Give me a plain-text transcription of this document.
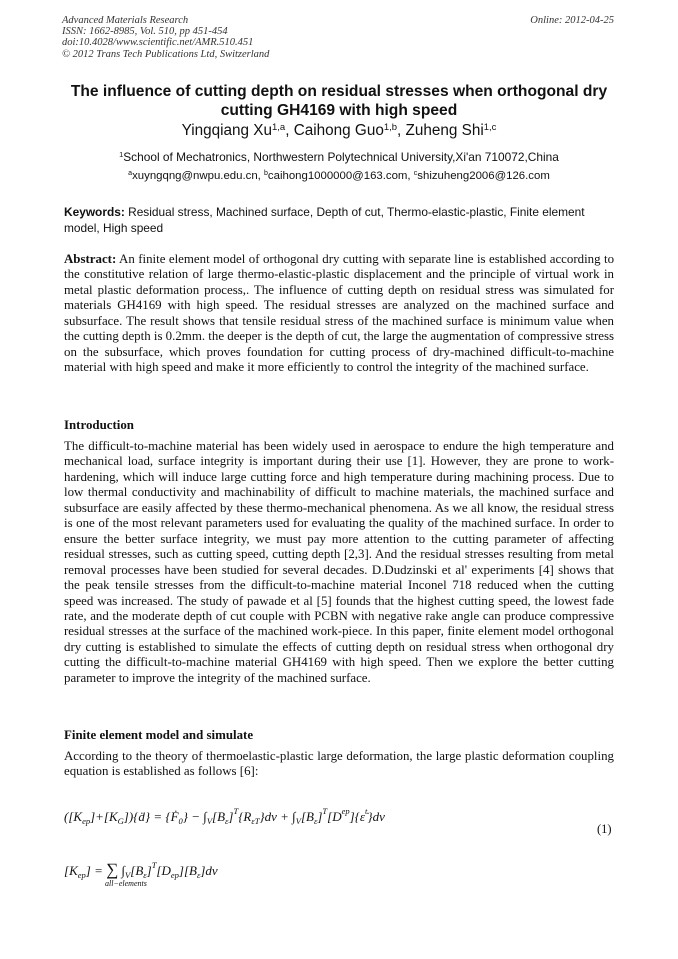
Advanced Materials Research
ISSN: 1662-8985, Vol. 510, pp 451-454
doi:10.4028/www.scientific.net/AMR.510.451
© 2012 Trans Tech Publications Ltd, Switzerland
Online: 2012-04-25
The influence of cutting depth on residual stresses when orthogonal dry cutting GH4169 with high speed
Yingqiang Xu$^{1,a}$, Caihong Guo$^{1,b}$, Zuheng Shi$^{1,c}$
$^1$School of Mechatronics, Northwestern Polytechnical University,Xi'an 710072,China
$^a$xuyngqng@nwpu.edu.cn, $^b$caihong1000000@163.com, $^c$shizuheng2006@126.com
Keywords: Residual stress, Machined surface, Depth of cut, Thermo-elastic-plastic, Finite element model, High speed
Abstract: An finite element model of orthogonal dry cutting with separate line is established according to the constitutive relation of large thermo-elastic-plastic displacement and the principle of virtual work in metal plastic deformation process,. The influence of cutting depth on residual stress was simulated for materials GH4169 with high speed. The residual stresses are analyzed on the machined surface and subsurface. The result shows that tensile residual stress of the machined surface is minimum value when the cutting depth is 0.2mm. the deeper is the depth of cut, the large the augmentation of compressive stress on the subsurface, which proves foundation for cutting process of dry-machined difficult-to-machine material with high speed and make it more efficiently to control the integrity of the machined surface.
Introduction
The difficult-to-machine material has been widely used in aerospace to endure the high temperature and mechanical load, surface integrity is important during their use [1]. However, they are prone to work-hardening, which will induce large cutting force and high temperature during machining process. Due to low thermal conductivity and machinability of difficult to machine materials, the machined surface and subsurface are easily affected by these thermo-mechanical phenomena. As we all know, the residual stress is one of the most relevant parameters used for evaluating the quality of the machined surface. In order to ensure the better surface integrity, we must pay more attention to the cutting parameter of affecting residual stresses, such as cutting speed, cutting depth [2,3]. And the residual stresses resulting from metal removal processes have been studied for several decades. D.Dudzinski et al' experiments [4] shows that the peak tensile stresses from the difficult-to-machine material Inconel 718 reduced when the cutting speed was increased. The study of pawade et al [5] founds that the highest cutting speed, the lowest fade rate, and the moderate depth of cut couple with PCBN with negative rake angle can produce compressive residual stresses at the surface of the machined work-piece. In this paper, finite element model orthogonal dry cutting is established to simulate the effects of cutting depth on residual stress when orthogonal dry cutting the difficult-to-machine material GH4169 with high speed. Then we explore the better cutting parameter to improve the integrity of the machined surface.
Finite element model and simulate
According to the theory of thermoelastic-plastic large deformation, the large plastic deformation coupling equation is established as follows [6]:
$([K_{ep}]+[K_G])\{ḋ\}$ = {Ḟ$_0$} − $\int_V[B_\varepsilon]^T\{R_{\varepsilon T}\}dv$ + $\int_V[B_\varepsilon]^T[D^{ep}]\{\varepsiloṅ^t\}dv$
(1)
$[K_{ep}]$ = ∑ $\int_V[B_\varepsilon]^T[D_{ep}][B_\varepsilon]dv$
all−elements
